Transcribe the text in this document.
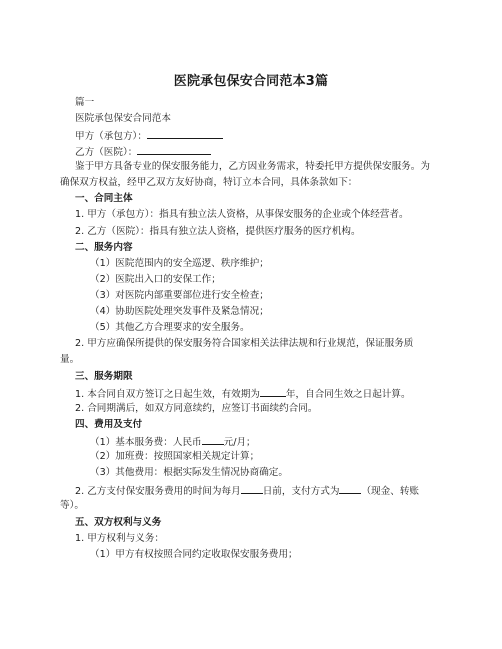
医院承包保安合同范本3篇
篇一
医院承包保安合同范本
甲方（承包方）：
乙方（医院）：
鉴于甲方具备专业的保安服务能力，乙方因业务需求，特委托甲方提供保安服务。为
确保双方权益，经甲乙双方友好协商，特订立本合同，具体条款如下：
一、合同主体
1. 甲方（承包方）：指具有独立法人资格，从事保安服务的企业或个体经营者。
2. 乙方（医院）：指具有独立法人资格，提供医疗服务的医疗机构。
二、服务内容
（1）医院范围内的安全巡逻、秩序维护；
（2）医院出入口的安保工作；
（3）对医院内部重要部位进行安全检查；
（4）协助医院处理突发事件及紧急情况；
（5）其他乙方合理要求的安全服务。
2. 甲方应确保所提供的保安服务符合国家相关法律法规和行业规范，保证服务质
量。
三、服务期限
1. 本合同自双方签订之日起生效，有效期为	年，自合同生效之日起计算。
2. 合同期满后，如双方同意续约，应签订书面续约合同。
四、费用及支付
（1）基本服务费：人民币 元/月；
（2）加班费：按照国家相关规定计算；
（3）其他费用：根据实际发生情况协商确定。
2. 乙方支付保安服务费用的时间为每月 日前，支付方式为 （现金、转账
等）。
五、双方权利与义务
1. 甲方权利与义务：
（1）甲方有权按照合同约定收取保安服务费用；
